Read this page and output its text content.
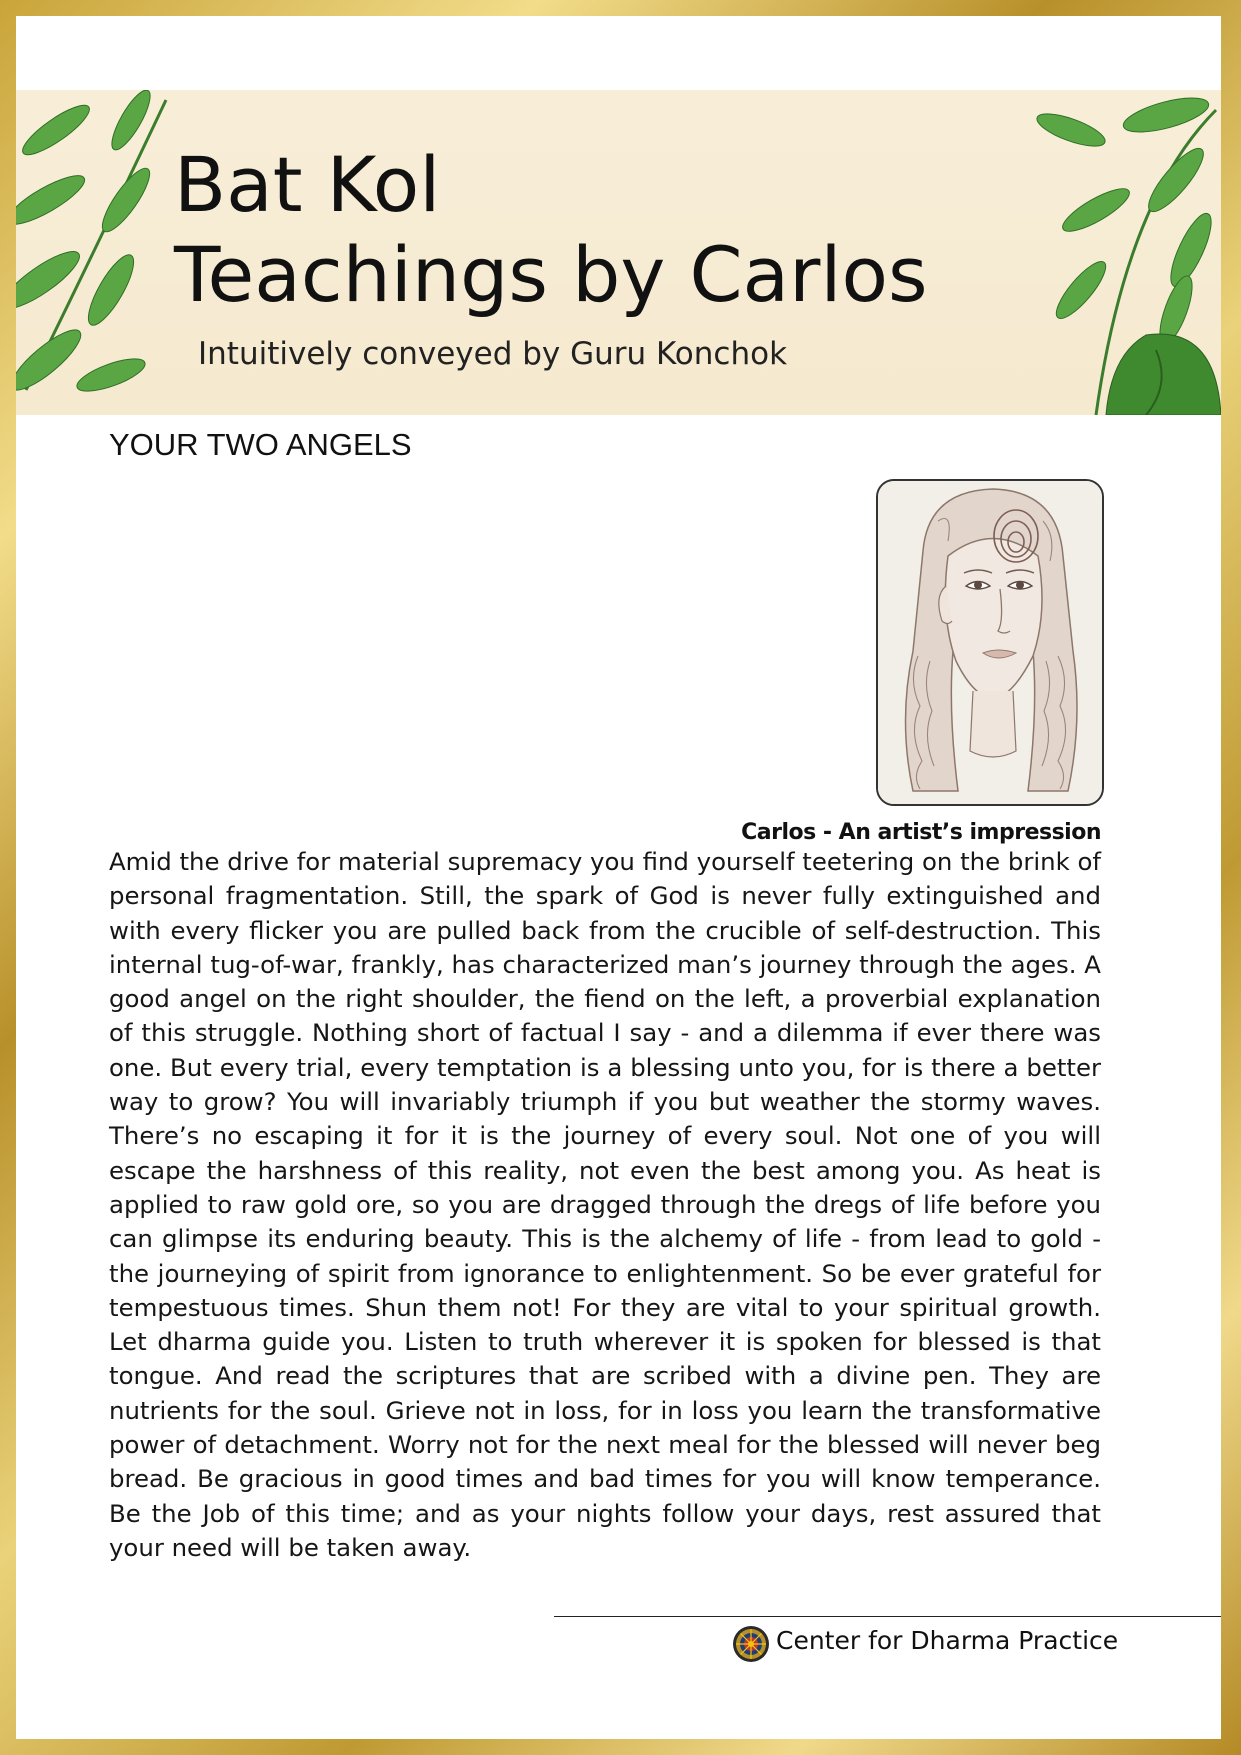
Bat Kol
Teachings by Carlos

Intuitively conveyed by Guru Konchok

YOUR TWO ANGELS

Carlos - An artist’s impression

Amid the drive for material supremacy you find yourself teetering on the brink of personal fragmentation. Still, the spark of God is never fully extinguished and with every flicker you are pulled back from the crucible of self-destruction. This internal tug-of-war, frankly, has characterized man’s journey through the ages. A good angel on the right shoulder, the fiend on the left, a proverbial explanation of this struggle. Nothing short of factual I say - and a dilemma if ever there was one. But every trial, every temptation is a blessing unto you, for is there a better way to grow? You will invariably triumph if you but weather the stormy waves. There’s no escaping it for it is the journey of every soul. Not one of you will escape the harshness of this reality, not even the best among you. As heat is applied to raw gold ore, so you are dragged through the dregs of life before you can glimpse its enduring beauty. This is the alchemy of life - from lead to gold - the journeying of spirit from ignorance to enlightenment. So be ever grateful for tempestuous times. Shun them not! For they are vital to your spiritual growth. Let dharma guide you. Listen to truth wherever it is spoken for blessed is that tongue. And read the scriptures that are scribed with a divine pen. They are nutrients for the soul. Grieve not in loss, for in loss you learn the transformative power of detachment. Worry not for the next meal for the blessed will never beg bread. Be gracious in good times and bad times for you will know temperance. Be the Job of this time; and as your nights follow your days, rest assured that your need will be taken away.

Center for Dharma Practice
